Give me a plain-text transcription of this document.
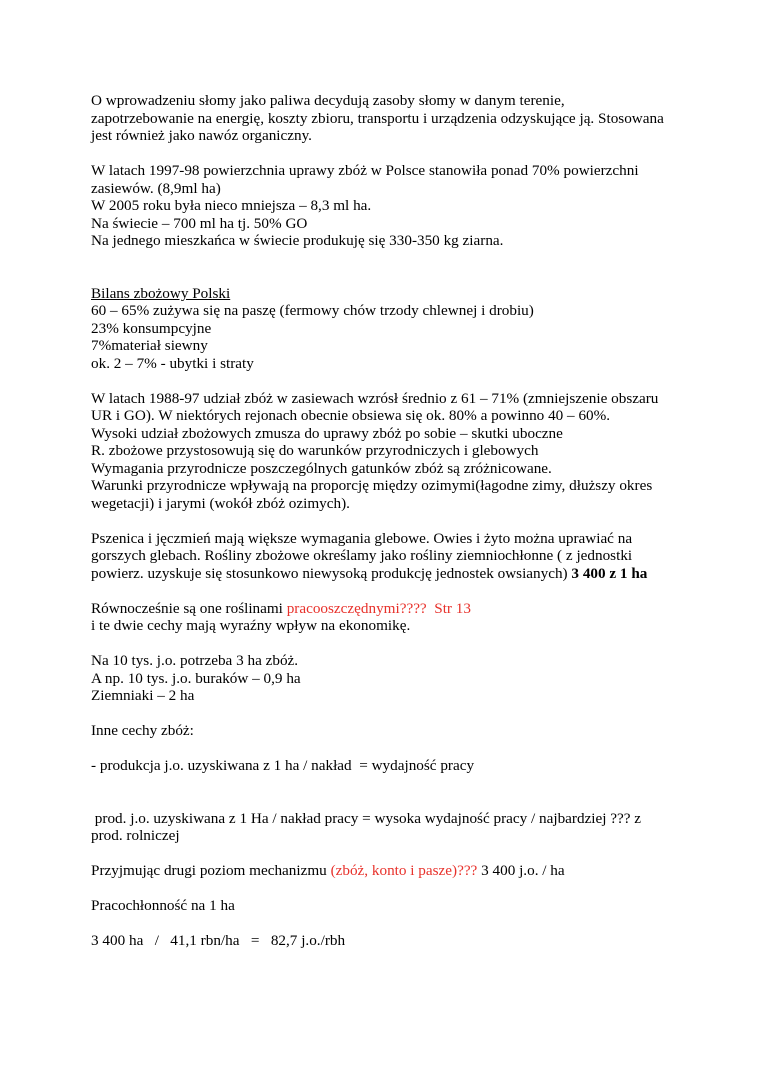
O wprowadzeniu słomy jako paliwa decydują zasoby słomy w danym terenie,
zapotrzebowanie na energię, koszty zbioru, transportu i urządzenia odzyskujące ją. Stosowana
jest również jako nawóz organiczny.
W latach 1997-98 powierzchnia uprawy zbóż w Polsce stanowiła ponad 70% powierzchni
zasiewów. (8,9ml ha)
W 2005 roku była nieco mniejsza – 8,3 ml ha.
Na świecie – 700 ml ha tj. 50% GO
Na jednego mieszkańca w świecie produkuję się 330-350 kg ziarna.
Bilans zbożowy Polski
60 – 65% zużywa się na paszę (fermowy chów trzody chlewnej i drobiu)
23% konsumpcyjne
7%materiał siewny
ok. 2 – 7% - ubytki i straty
W latach 1988-97 udział zbóż w zasiewach wzrósł średnio z 61 – 71% (zmniejszenie obszaru
UR i GO). W niektórych rejonach obecnie obsiewa się ok. 80% a powinno 40 – 60%.
Wysoki udział zbożowych zmusza do uprawy zbóż po sobie – skutki uboczne
R. zbożowe przystosowują się do warunków przyrodniczych i glebowych
Wymagania przyrodnicze poszczególnych gatunków zbóż są zróżnicowane.
Warunki przyrodnicze wpływają na proporcję między ozimymi(łagodne zimy, dłuższy okres
wegetacji) i jarymi (wokół zbóż ozimych).
Pszenica i jęczmień mają większe wymagania glebowe. Owies i żyto można uprawiać na
gorszych glebach. Rośliny zbożowe określamy jako rośliny ziemniochłonne ( z jednostki
powierz. uzyskuje się stosunkowo niewysoką produkcję jednostek owsianych) 3 400 z 1 ha
Równocześnie są one roślinami pracooszczędnymi????  Str 13
i te dwie cechy mają wyraźny wpływ na ekonomikę.
Na 10 tys. j.o. potrzeba 3 ha zbóż.
A np. 10 tys. j.o. buraków – 0,9 ha
Ziemniaki – 2 ha
Inne cechy zbóż:
- produkcja j.o. uzyskiwana z 1 ha / nakład  = wydajność pracy
prod. j.o. uzyskiwana z 1 Ha / nakład pracy = wysoka wydajność pracy / najbardziej ??? z
prod. rolniczej
Przyjmując drugi poziom mechanizmu (zbóż, konto i pasze)??? 3 400 j.o. / ha
Pracochłonność na 1 ha
3 400 ha   /   41,1 rbn/ha   =   82,7 j.o./rbh
